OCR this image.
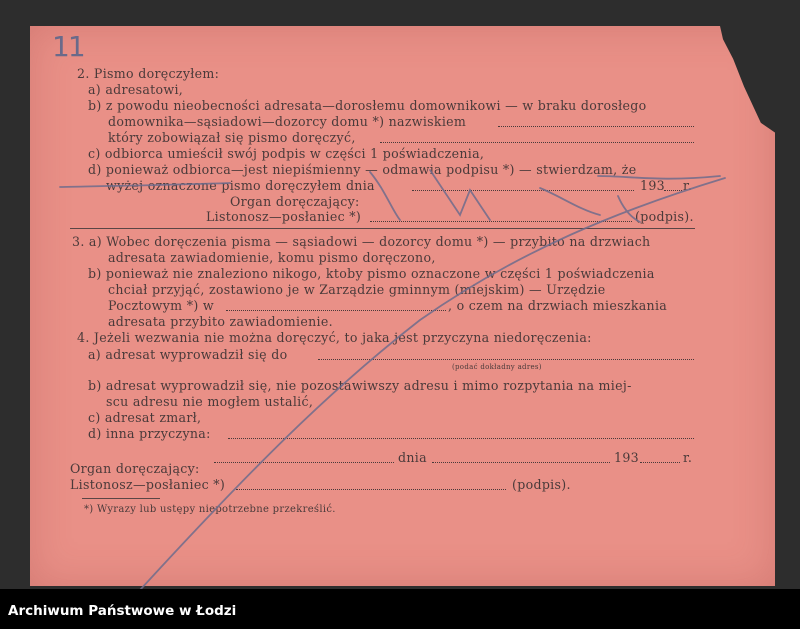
11
2. Pismo doręczyłem:
a) adresatowi,
b) z powodu nieobecności adresata—dorosłemu domownikowi — w braku dorosłego
domownika—sąsiadowi—dozorcy domu *) nazwiskiem
który zobowiązał się pismo doręczyć,
c) odbiorca umieścił swój podpis w części 1 poświadczenia,
d) ponieważ odbiorca—jest niepiśmienny — odmawia podpisu *) — stwierdzam, że
wyżej oznaczone pismo doręczyłem dnia	193 r.
Organ doręczający:
Listonosz—posłaniec *)	(podpis).
3. a) Wobec doręczenia pisma — sąsiadowi — dozorcy domu *) — przybito na drzwiach
adresata zawiadomienie, komu pismo doręczono,
b) ponieważ nie znaleziono nikogo, ktoby pismo oznaczone w części 1 poświadczenia
chciał przyjąć, zostawiono je w Zarządzie gminnym (miejskim) — Urzędzie
Pocztowym *) w	, o czem na drzwiach mieszkania
adresata przybito zawiadomienie.
4. Jeżeli wezwania nie można doręczyć, to jaka jest przyczyna niedoręczenia:
a) adresat wyprowadził się do
(podać dokładny adres)
b) adresat wyprowadził się, nie pozostawiwszy adresu i mimo rozpytania na miej-
scu adresu nie mogłem ustalić,
c) adresat zmarł,
d) inna przyczyna:
dnia	193	r.
Organ doręczający:
Listonosz—posłaniec *)	(podpis).
*) Wyrazy lub ustępy niepotrzebne przekreślić.
Archiwum Państwowe w Łodzi
